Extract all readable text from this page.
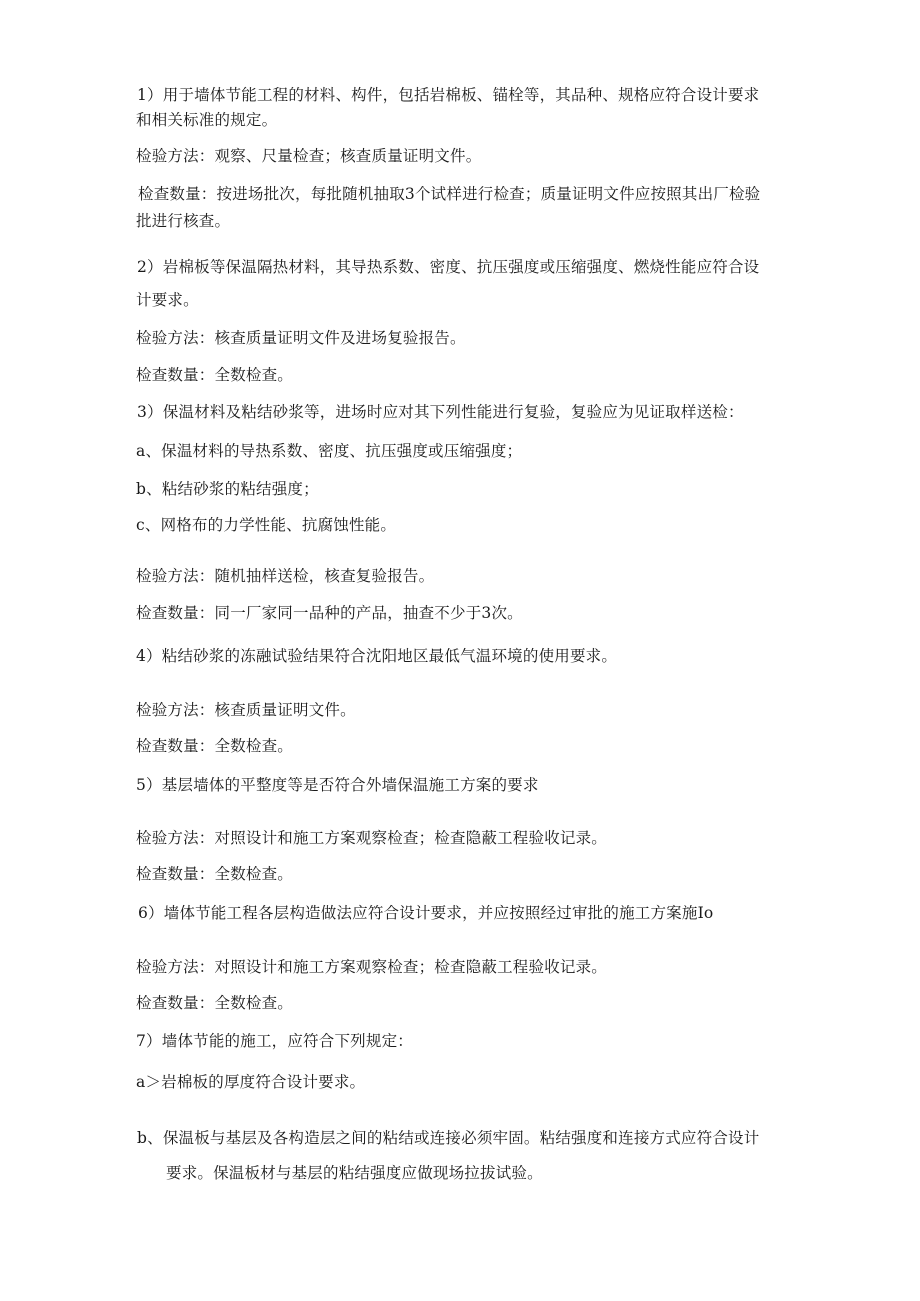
1）用于墙体节能工程的材料、构件，包括岩棉板、锚栓等，其品种、规格应符合设计要求
和相关标准的规定。
检验方法：观察、尺量检查；核查质量证明文件。
检查数量：按进场批次，每批随机抽取3个试样进行检查；质量证明文件应按照其出厂检验
批进行核查。
2）岩棉板等保温隔热材料，其导热系数、密度、抗压强度或压缩强度、燃烧性能应符合设
计要求。
检验方法：核查质量证明文件及进场复验报告。
检查数量：全数检查。
3）保温材料及粘结砂浆等，进场时应对其下列性能进行复验，复验应为见证取样送检：
a、保温材料的导热系数、密度、抗压强度或压缩强度；
b、粘结砂浆的粘结强度；
c、网格布的力学性能、抗腐蚀性能。
检验方法：随机抽样送检，核查复验报告。
检查数量：同一厂家同一品种的产品，抽查不少于3次。
4）粘结砂浆的冻融试验结果符合沈阳地区最低气温环境的使用要求。
检验方法：核查质量证明文件。
检查数量：全数检查。
5）基层墙体的平整度等是否符合外墙保温施工方案的要求
检验方法：对照设计和施工方案观察检查；检查隐蔽工程验收记录。
检查数量：全数检查。
6）墙体节能工程各层构造做法应符合设计要求，并应按照经过审批的施工方案施Io
检验方法：对照设计和施工方案观察检查；检查隐蔽工程验收记录。
检查数量：全数检查。
7）墙体节能的施工，应符合下列规定：
a＞岩棉板的厚度符合设计要求。
b、保温板与基层及各构造层之间的粘结或连接必须牢固。粘结强度和连接方式应符合设计
要求。保温板材与基层的粘结强度应做现场拉拔试验。
